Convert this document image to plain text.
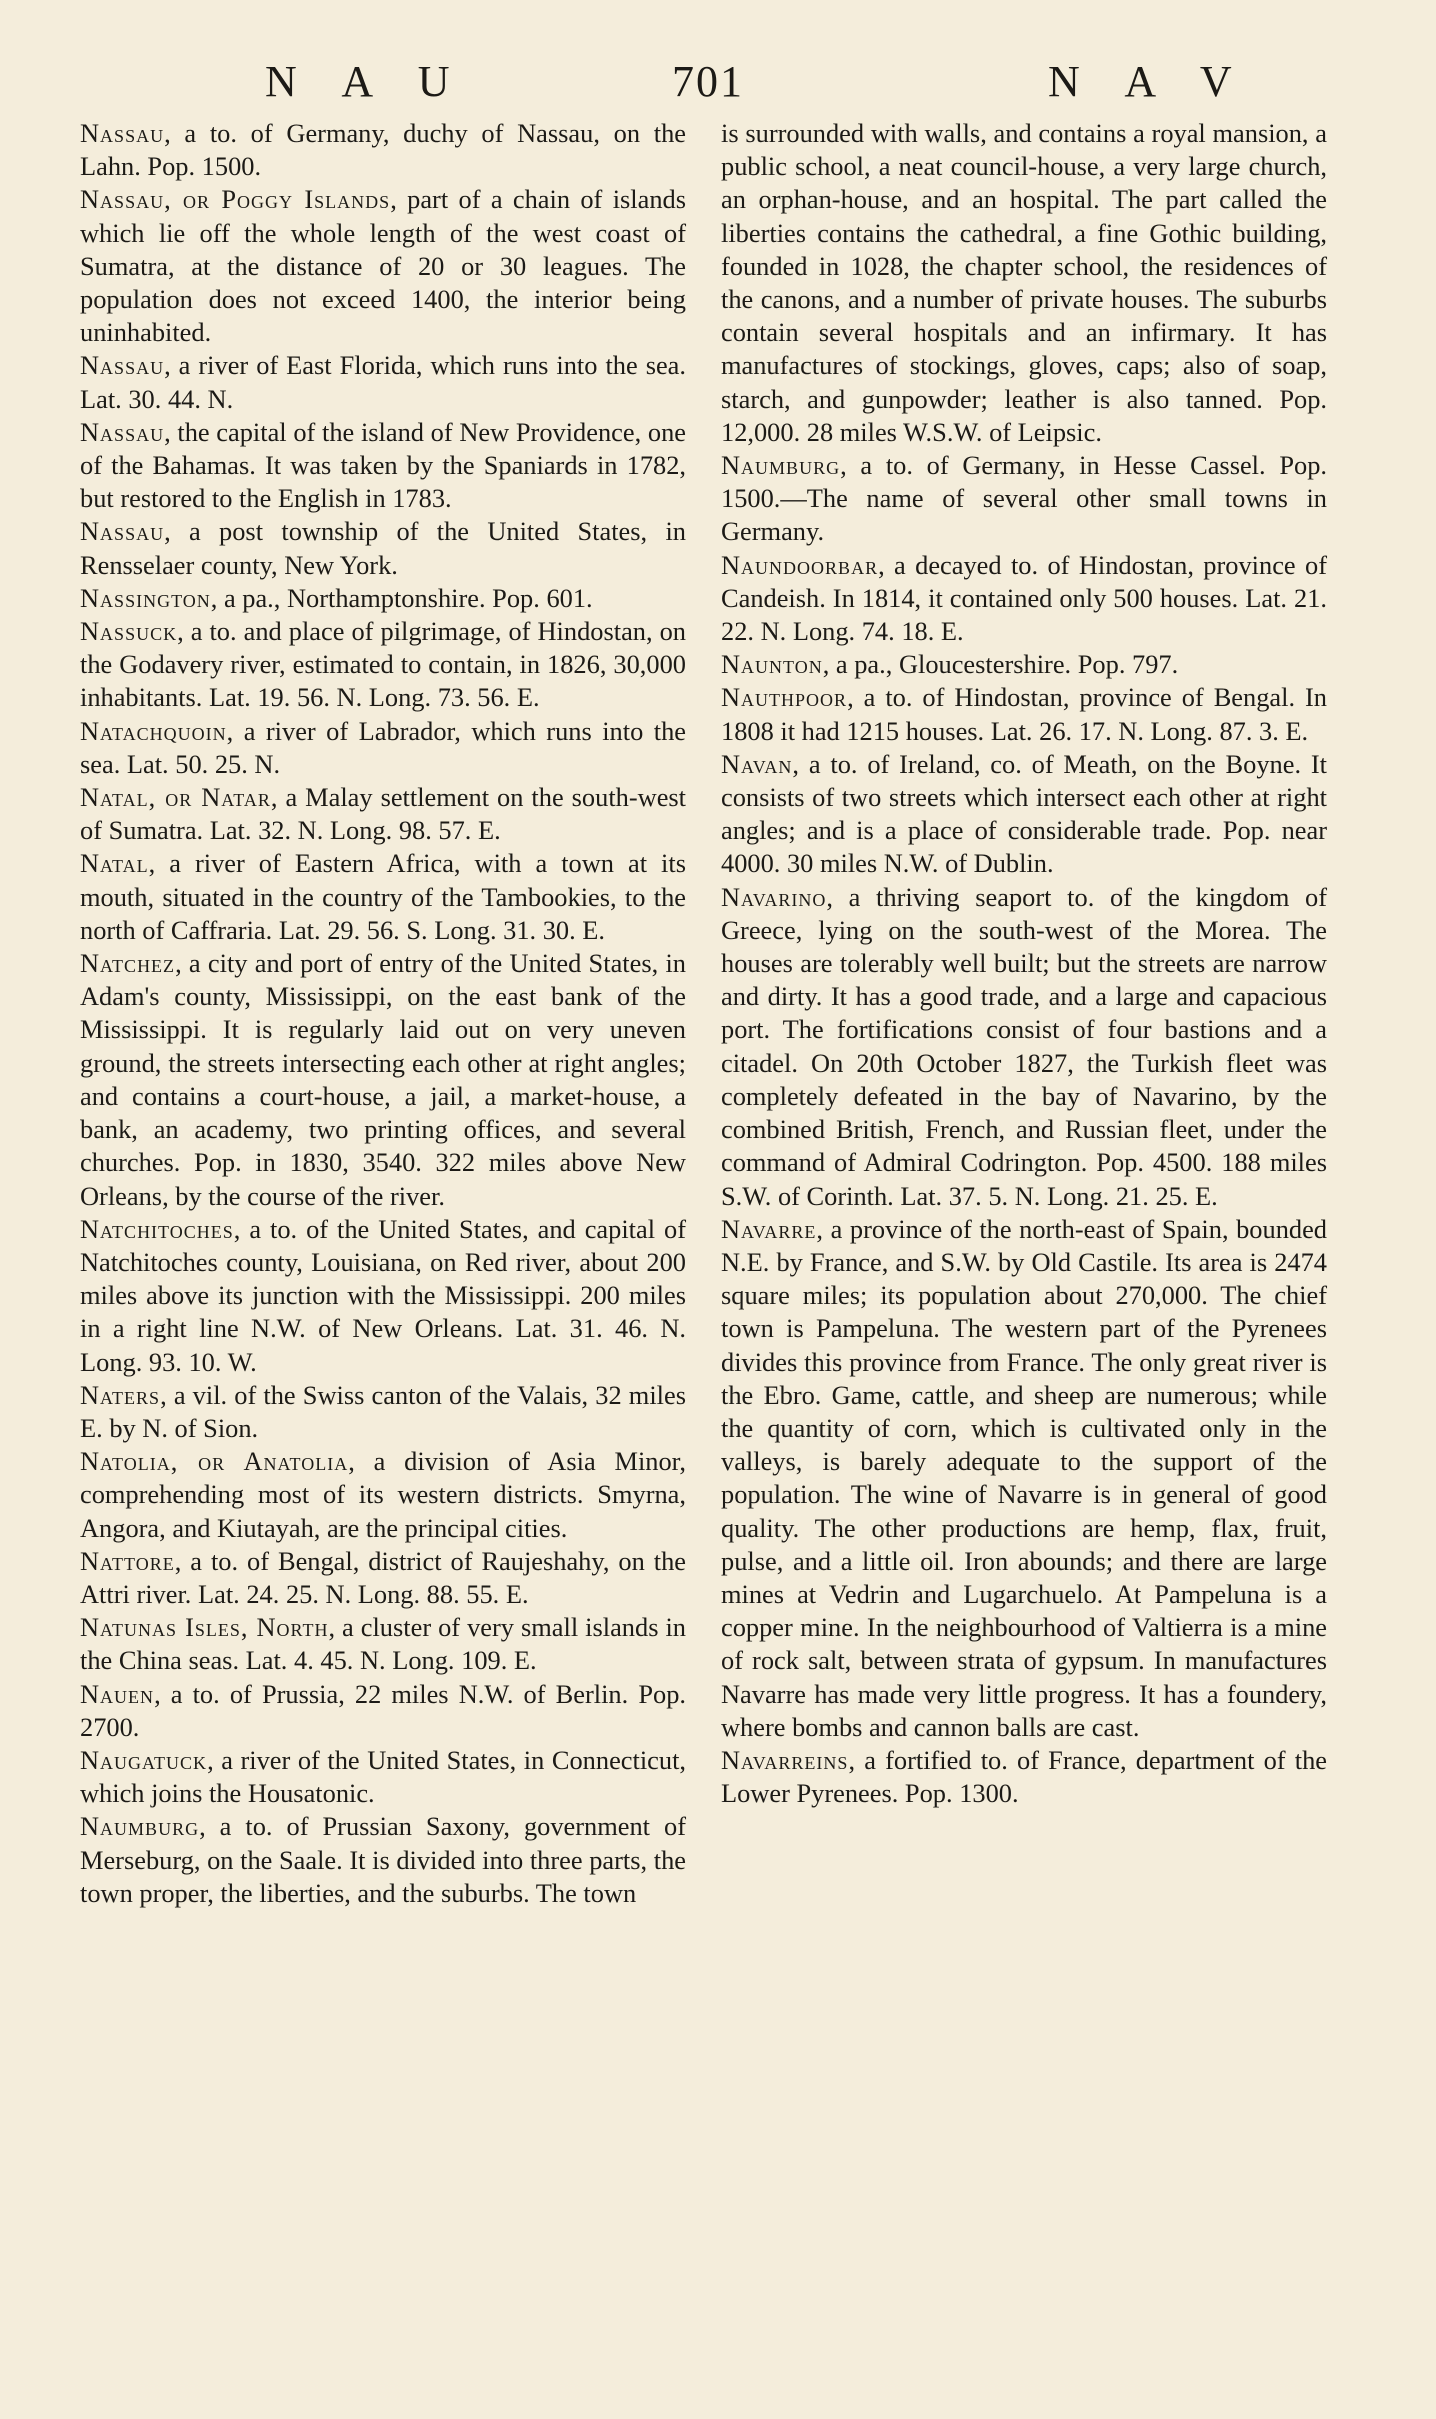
N A U	701	N A V

Nassau, a to. of Germany, duchy of Nassau, on the Lahn. Pop. 1500.

Nassau, or Poggy Islands, part of a chain of islands which lie off the whole length of the west coast of Sumatra, at the distance of 20 or 30 leagues. The population does not exceed 1400, the interior being uninhabited.

Nassau, a river of East Florida, which runs into the sea. Lat. 30. 44. N.

Nassau, the capital of the island of New Providence, one of the Bahamas. It was taken by the Spaniards in 1782, but restored to the English in 1783.

Nassau, a post township of the United States, in Rensselaer county, New York.

Nassington, a pa., Northamptonshire. Pop. 601.

Nassuck, a to. and place of pilgrimage, of Hindostan, on the Godavery river, estimated to contain, in 1826, 30,000 inhabitants. Lat. 19. 56. N. Long. 73. 56. E.

Natachquoin, a river of Labrador, which runs into the sea. Lat. 50. 25. N.

Natal, or Natar, a Malay settlement on the south-west of Sumatra. Lat. 32. N. Long. 98. 57. E.

Natal, a river of Eastern Africa, with a town at its mouth, situated in the country of the Tambookies, to the north of Caffraria. Lat. 29. 56. S. Long. 31. 30. E.

Natchez, a city and port of entry of the United States, in Adam's county, Mississippi, on the east bank of the Mississippi. It is regularly laid out on very uneven ground, the streets intersecting each other at right angles; and contains a court-house, a jail, a market-house, a bank, an academy, two printing offices, and several churches. Pop. in 1830, 3540. 322 miles above New Orleans, by the course of the river.

Natchitoches, a to. of the United States, and capital of Natchitoches county, Louisiana, on Red river, about 200 miles above its junction with the Mississippi. 200 miles in a right line N.W. of New Orleans. Lat. 31. 46. N. Long. 93. 10. W.

Naters, a vil. of the Swiss canton of the Valais, 32 miles E. by N. of Sion.

Natolia, or Anatolia, a division of Asia Minor, comprehending most of its western districts. Smyrna, Angora, and Kiutayah, are the principal cities.

Nattore, a to. of Bengal, district of Raujeshahy, on the Attri river. Lat. 24. 25. N. Long. 88. 55. E.

Natunas Isles, North, a cluster of very small islands in the China seas. Lat. 4. 45. N. Long. 109. E.

Nauen, a to. of Prussia, 22 miles N.W. of Berlin. Pop. 2700.

Naugatuck, a river of the United States, in Connecticut, which joins the Housatonic.

Naumburg, a to. of Prussian Saxony, government of Merseburg, on the Saale. It is divided into three parts, the town proper, the liberties, and the suburbs. The town

is surrounded with walls, and contains a royal mansion, a public school, a neat council-house, a very large church, an orphan-house, and an hospital. The part called the liberties contains the cathedral, a fine Gothic building, founded in 1028, the chapter school, the residences of the canons, and a number of private houses. The suburbs contain several hospitals and an infirmary. It has manufactures of stockings, gloves, caps; also of soap, starch, and gunpowder; leather is also tanned. Pop. 12,000. 28 miles W.S.W. of Leipsic.

Naumburg, a to. of Germany, in Hesse Cassel. Pop. 1500.—The name of several other small towns in Germany.

Naundoorbar, a decayed to. of Hindostan, province of Candeish. In 1814, it contained only 500 houses. Lat. 21. 22. N. Long. 74. 18. E.

Naunton, a pa., Gloucestershire. Pop. 797.

Nauthpoor, a to. of Hindostan, province of Bengal. In 1808 it had 1215 houses. Lat. 26. 17. N. Long. 87. 3. E.

Navan, a to. of Ireland, co. of Meath, on the Boyne. It consists of two streets which intersect each other at right angles; and is a place of considerable trade. Pop. near 4000. 30 miles N.W. of Dublin.

Navarino, a thriving seaport to. of the kingdom of Greece, lying on the south-west of the Morea. The houses are tolerably well built; but the streets are narrow and dirty. It has a good trade, and a large and capacious port. The fortifications consist of four bastions and a citadel. On 20th October 1827, the Turkish fleet was completely defeated in the bay of Navarino, by the combined British, French, and Russian fleet, under the command of Admiral Codrington. Pop. 4500. 188 miles S.W. of Corinth. Lat. 37. 5. N. Long. 21. 25. E.

Navarre, a province of the north-east of Spain, bounded N.E. by France, and S.W. by Old Castile. Its area is 2474 square miles; its population about 270,000. The chief town is Pampeluna. The western part of the Pyrenees divides this province from France. The only great river is the Ebro. Game, cattle, and sheep are numerous; while the quantity of corn, which is cultivated only in the valleys, is barely adequate to the support of the population. The wine of Navarre is in general of good quality. The other productions are hemp, flax, fruit, pulse, and a little oil. Iron abounds; and there are large mines at Vedrin and Lugarchuelo. At Pampeluna is a copper mine. In the neighbourhood of Valtierra is a mine of rock salt, between strata of gypsum. In manufactures Navarre has made very little progress. It has a foundery, where bombs and cannon balls are cast.

Navarreins, a fortified to. of France, department of the Lower Pyrenees. Pop. 1300.
